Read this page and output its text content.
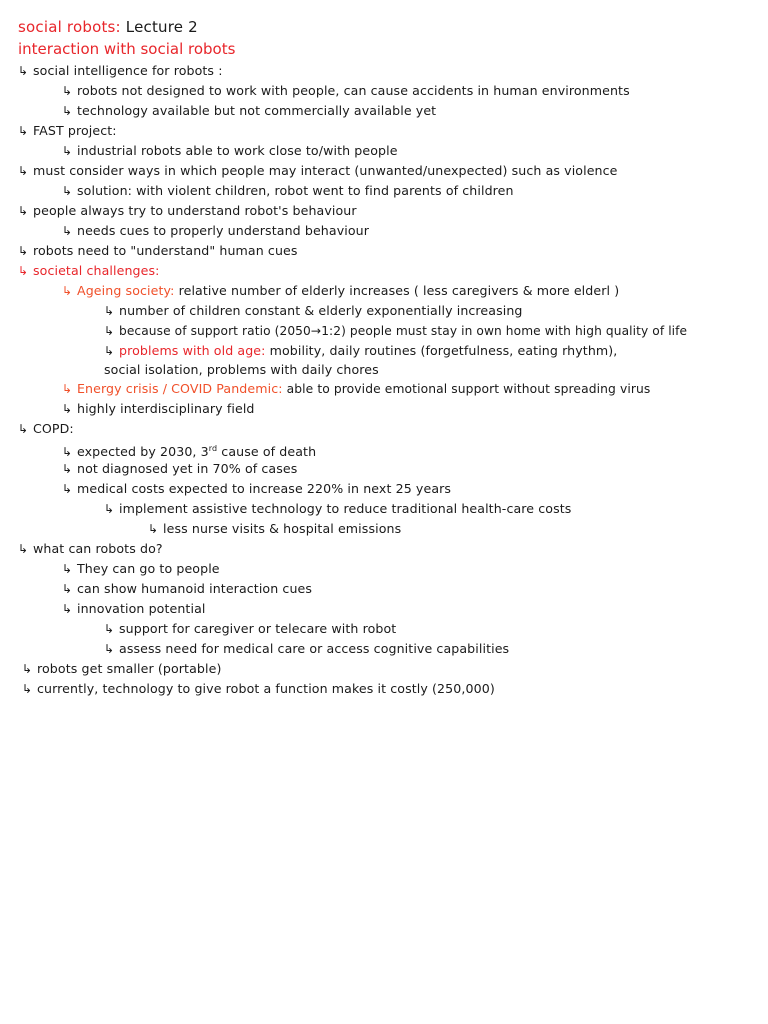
social robots: Lecture 2
interaction with social robots
↳ social intelligence for robots :
↳ robots not designed to work with people, can cause accidents in human environments
↳ technology available but not commercially available yet
↳ FAST project:
↳ industrial robots able to work close to/with people
↳ must consider ways in which people may interact (unwanted/unexpected) such as violence
↳ solution: with violent children, robot went to find parents of children
↳ people always try to understand robot's behaviour
↳ needs cues to properly understand behaviour
↳ robots need to "understand" human cues
↳ societal challenges:
↳ Ageing society: relative number of elderly increases ( less caregivers & more elderl )
↳ number of children constant & elderly exponentially increasing
↳ because of support ratio (2050→1:2) people must stay in own home with high quality of life
↳ problems with old age: mobility, daily routines (forgetfulness, eating rhythm),
social isolation, problems with daily chores
↳ Energy crisis / COVID Pandemic: able to provide emotional support without spreading virus
↳ highly interdisciplinary field
↳ COPD:
↳ expected by 2030, 3rd cause of death
↳ not diagnosed yet in 70% of cases
↳ medical costs expected to increase 220% in next 25 years
↳ implement assistive technology to reduce traditional health-care costs
↳ less nurse visits & hospital emissions
↳ what can robots do?
↳ They can go to people
↳ can show humanoid interaction cues
↳ innovation potential
↳ support for caregiver or telecare with robot
↳ assess need for medical care or access cognitive capabilities
↳ robots get smaller (portable)
↳ currently, technology to give robot a function makes it costly (250,000)
